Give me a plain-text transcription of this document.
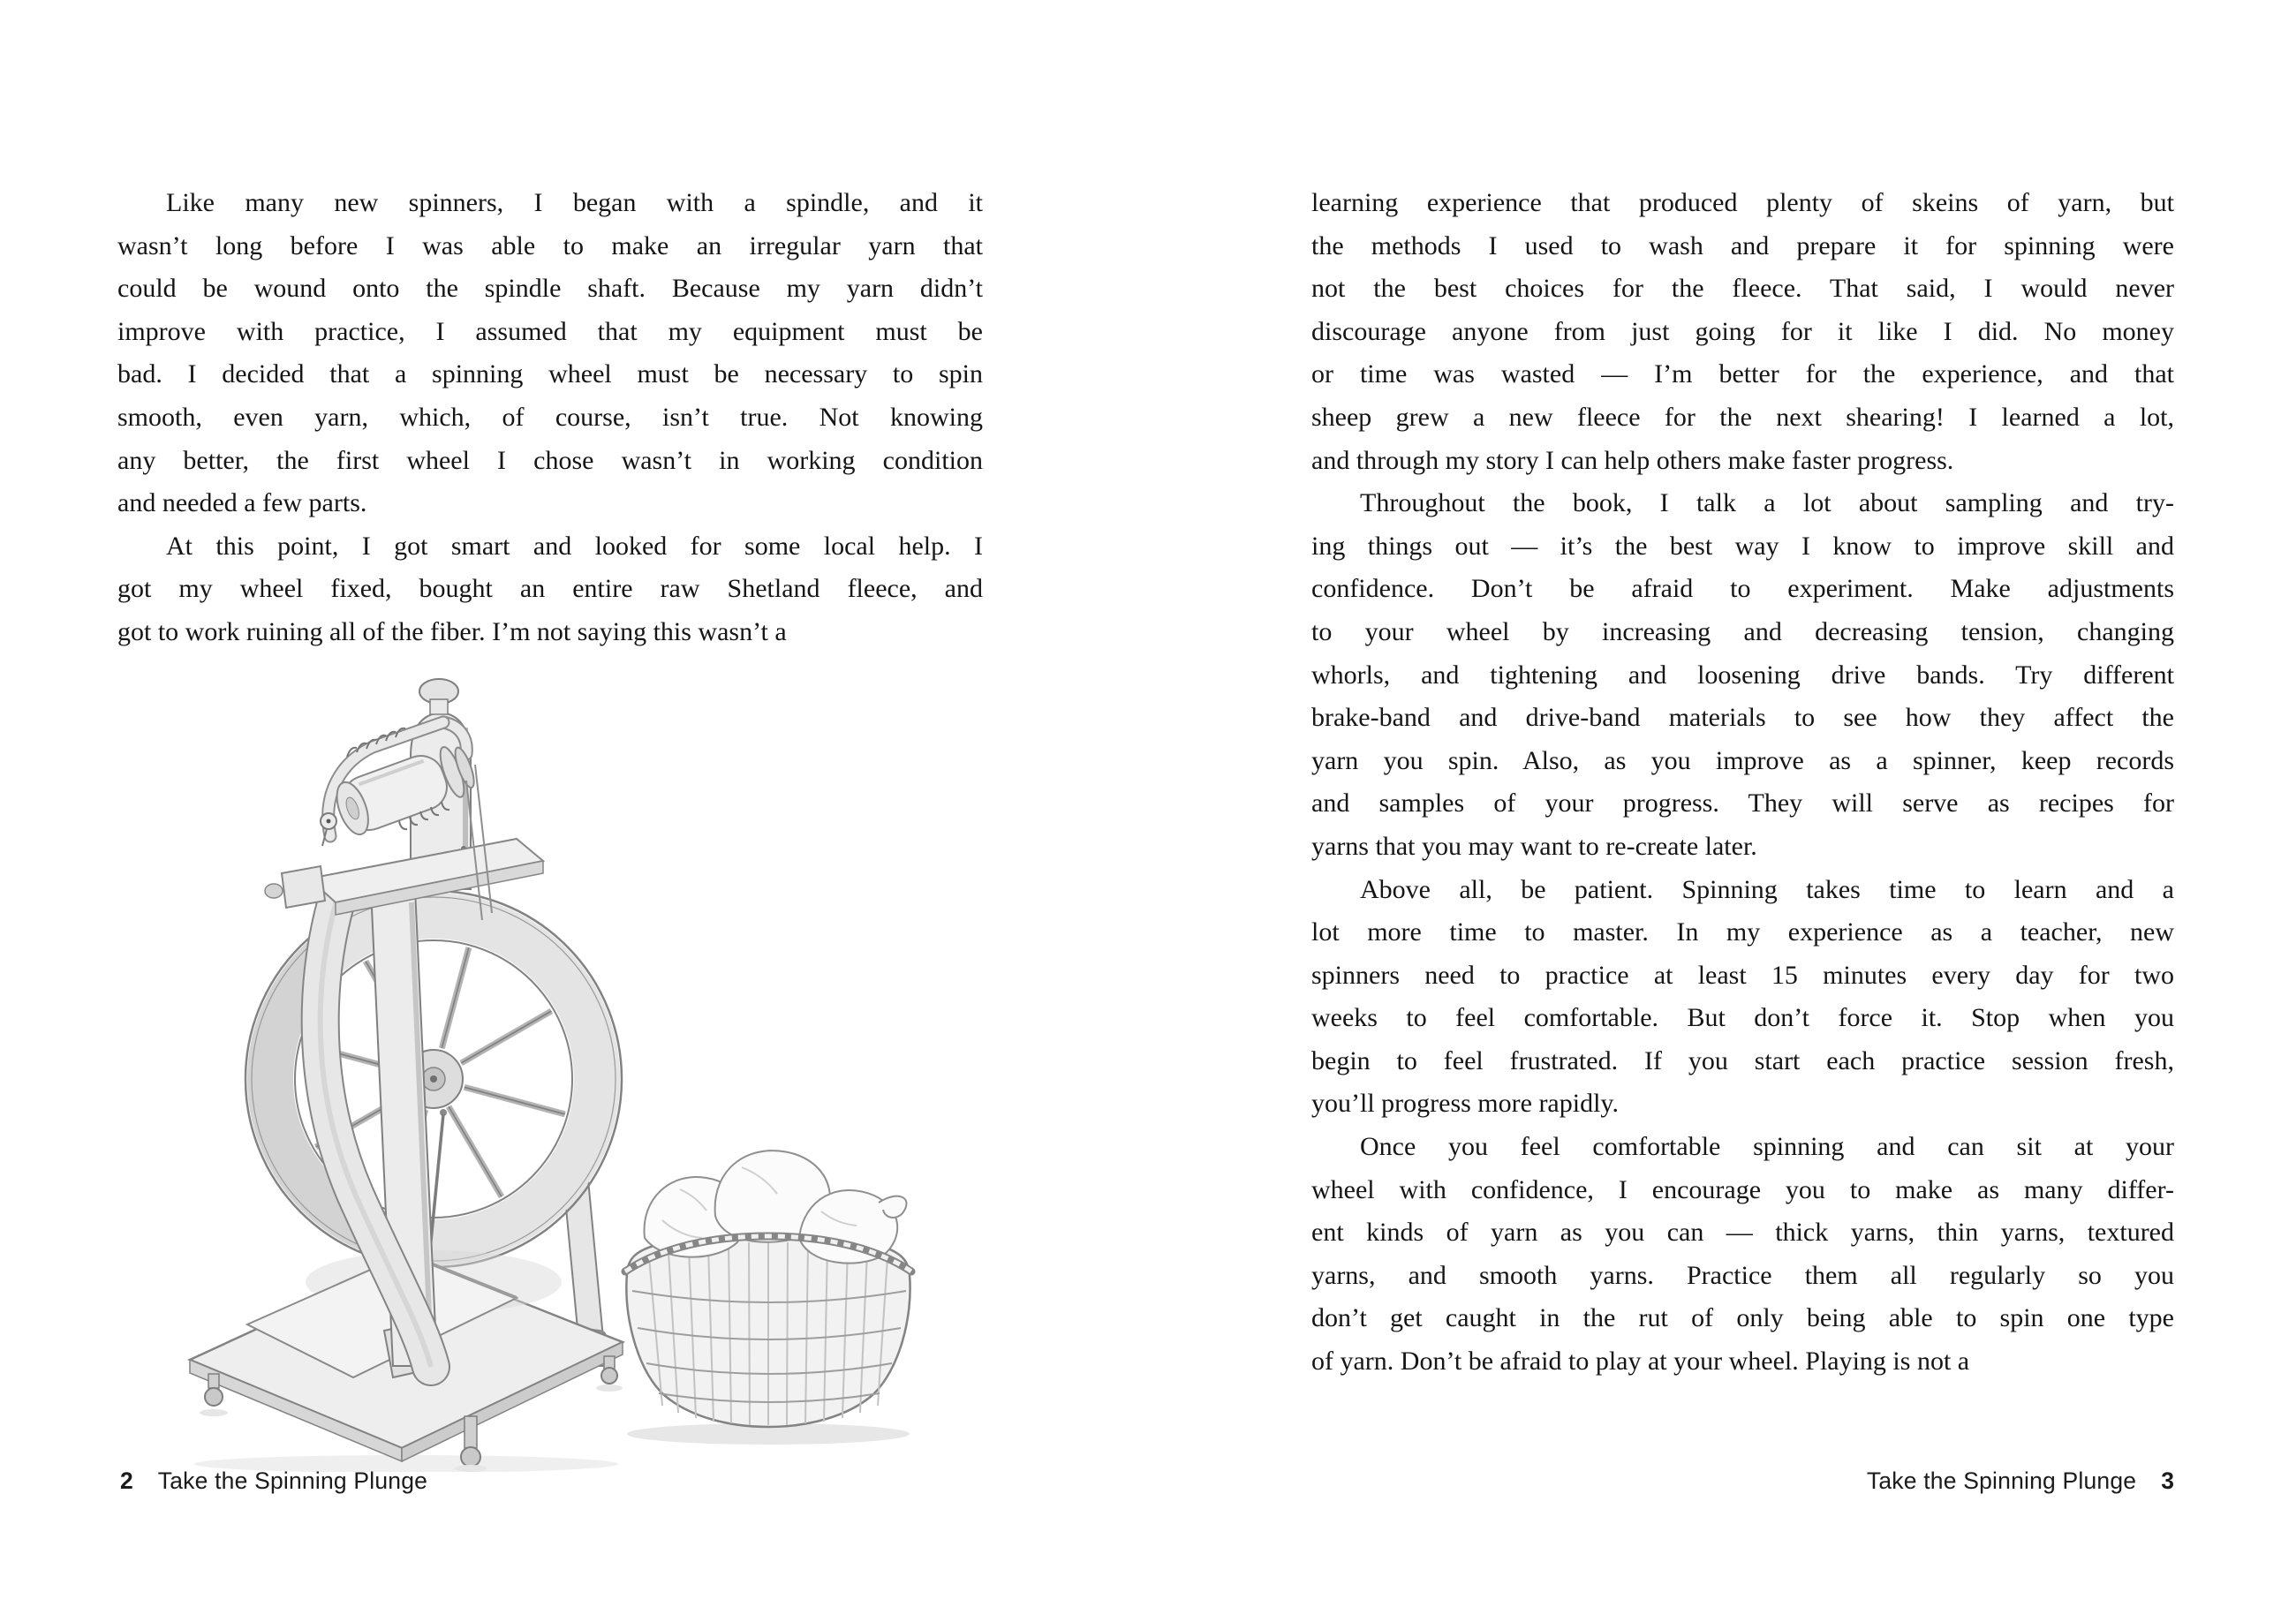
Like many new spinners, I began with a spindle, and it
wasn’t long before I was able to make an irregular yarn that
could be wound onto the spindle shaft. Because my yarn didn’t
improve with practice, I assumed that my equipment must be
bad. I decided that a spinning wheel must be necessary to spin
smooth, even yarn, which, of course, isn’t true. Not knowing
any better, the first wheel I chose wasn’t in working condition
and needed a few parts.
At this point, I got smart and looked for some local help. I
got my wheel fixed, bought an entire raw Shetland fleece, and
got to work ruining all of the fiber. I’m not saying this wasn’t a
learning experience that produced plenty of skeins of yarn, but
the methods I used to wash and prepare it for spinning were
not the best choices for the fleece. That said, I would never
discourage anyone from just going for it like I did. No money
or time was wasted — I’m better for the experience, and that
sheep grew a new fleece for the next shearing! I learned a lot,
and through my story I can help others make faster progress.
Throughout the book, I talk a lot about sampling and try-
ing things out — it’s the best way I know to improve skill and
confidence. Don’t be afraid to experiment. Make adjustments
to your wheel by increasing and decreasing tension, changing
whorls, and tightening and loosening drive bands. Try different
brake-band and drive-band materials to see how they affect the
yarn you spin. Also, as you improve as a spinner, keep records
and samples of your progress. They will serve as recipes for
yarns that you may want to re-create later.
Above all, be patient. Spinning takes time to learn and a
lot more time to master. In my experience as a teacher, new
spinners need to practice at least 15 minutes every day for two
weeks to feel comfortable. But don’t force it. Stop when you
begin to feel frustrated. If you start each practice session fresh,
you’ll progress more rapidly.
Once you feel comfortable spinning and can sit at your
wheel with confidence, I encourage you to make as many differ-
ent kinds of yarn as you can — thick yarns, thin yarns, textured
yarns, and smooth yarns. Practice them all regularly so you
don’t get caught in the rut of only being able to spin one type
of yarn. Don’t be afraid to play at your wheel. Playing is not a
2 Take the Spinning Plunge	Take the Spinning Plunge 3
